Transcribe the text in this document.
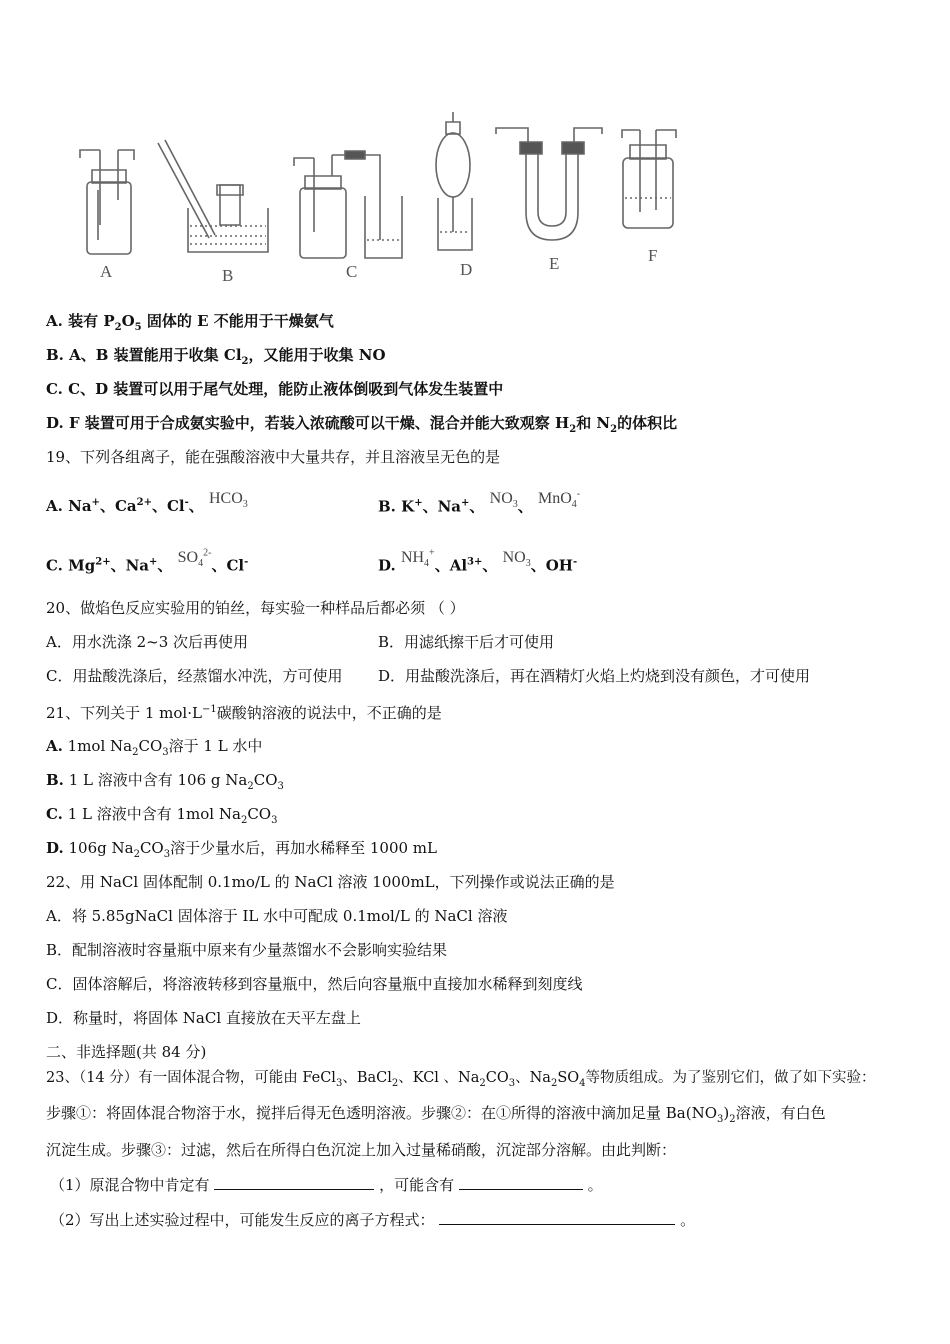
A	B	C	D	E	F
A. 装有 $P_2O_5$ 固体的 E 不能用于干燥氨气
B. A、B 装置能用于收集 $Cl_2$，又能用于收集 NO
C. C、D 装置可以用于尾气处理，能防止液体倒吸到气体发生装置中
D. F 装置可用于合成氨实验中，若装入浓硫酸可以干燥、混合并能大致观察 $H_2$和 $N_2$的体积比
19、下列各组离子，能在强酸溶液中大量共存，并且溶液呈无色的是
A. Na+、$Ca^{2+}$、Cl-、 $HCO_3$	B. K+、Na+、 $NO_3$、 MnO$_4$-
C. $Mg^{2+}$、Na+、 $SO_4^{2-}$、Cl-	D. $NH_4^+$、$Al^{3+}$、 $NO_3$、OH-
20、做焰色反应实验用的铂丝，每实验一种样品后都必须 （ ）
A．用水洗涤 2~3 次后再使用	B．用滤纸擦干后才可使用
C．用盐酸洗涤后，经蒸馏水冲洗，方可使用 D．用盐酸洗涤后，再在酒精灯火焰上灼烧到没有颜色，才可使用
21、下列关于 1 $mol\cdot L^{-1}$碳酸钠溶液的说法中，不正确的是
A. 1mol $Na_2CO_3$溶于 1 L 水中
B. 1 L 溶液中含有 106 g $Na_2CO_3$
C. 1 L 溶液中含有 1mol $Na_2CO_3$
D. 106g $Na_2CO_3$溶于少量水后，再加水稀释至 1000 mL
22、用 NaCl 固体配制 0.1mo/L 的 NaCl 溶液 1000mL，下列操作或说法正确的是
A．将 5.85gNaCl 固体溶于 IL 水中可配成 0.1mol/L 的 NaCl 溶液
B．配制溶液时容量瓶中原来有少量蒸馏水不会影响实验结果
C．固体溶解后，将溶液转移到容量瓶中，然后向容量瓶中直接加水稀释到刻度线
D．称量时，将固体 NaCl 直接放在天平左盘上
二、非选择题(共 84 分)
23、（14 分）有一固体混合物，可能由 FeCl$_3$、BaCl$_2$、KCl 、$Na_2CO_3$、$Na_2SO_4$等物质组成。为了鉴别它们，做了如下实验：
步骤①：将固体混合物溶于水，搅拌后得无色透明溶液。步骤②：在①所得的溶液中滴加足量 $Ba(NO_3)_2$溶液，有白色
沉淀生成。步骤③：过滤，然后在所得白色沉淀上加入过量稀硝酸，沉淀部分溶解。由此判断：
（1）原混合物中肯定有	，可能含有	。
（2）写出上述实验过程中，可能发生反应的离子方程式：	。
